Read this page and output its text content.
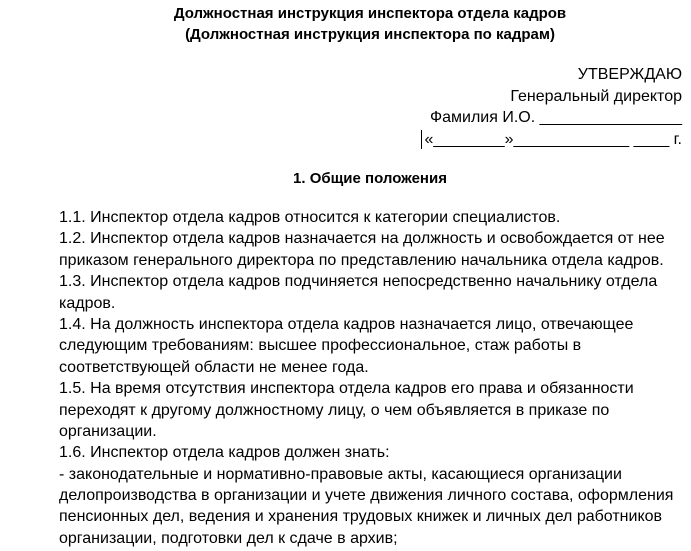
Должностная инструкция инспектора отдела кадров
(Должностная инструкция инспектора по кадрам)
УТВЕРЖДАЮ
Генеральный директор
Фамилия И.О. ________________
«________»_____________ ____ г.
1. Общие положения
1.1. Инспектор отдела кадров относится к категории специалистов.
1.2. Инспектор отдела кадров назначается на должность и освобождается от нее
приказом генерального директора по представлению начальника отдела кадров.
1.3. Инспектор отдела кадров подчиняется непосредственно начальнику отдела
кадров.
1.4. На должность инспектора отдела кадров назначается лицо, отвечающее
следующим требованиям: высшее профессиональное, стаж работы в
соответствующей области не менее года.
1.5. На время отсутствия инспектора отдела кадров его права и обязанности
переходят к другому должностному лицу, о чем объявляется в приказе по
организации.
1.6. Инспектор отдела кадров должен знать:
- законодательные и нормативно-правовые акты, касающиеся организации
делопроизводства в организации и учете движения личного состава, оформления
пенсионных дел, ведения и хранения трудовых книжек и личных дел работников
организации, подготовки дел к сдаче в архив;
